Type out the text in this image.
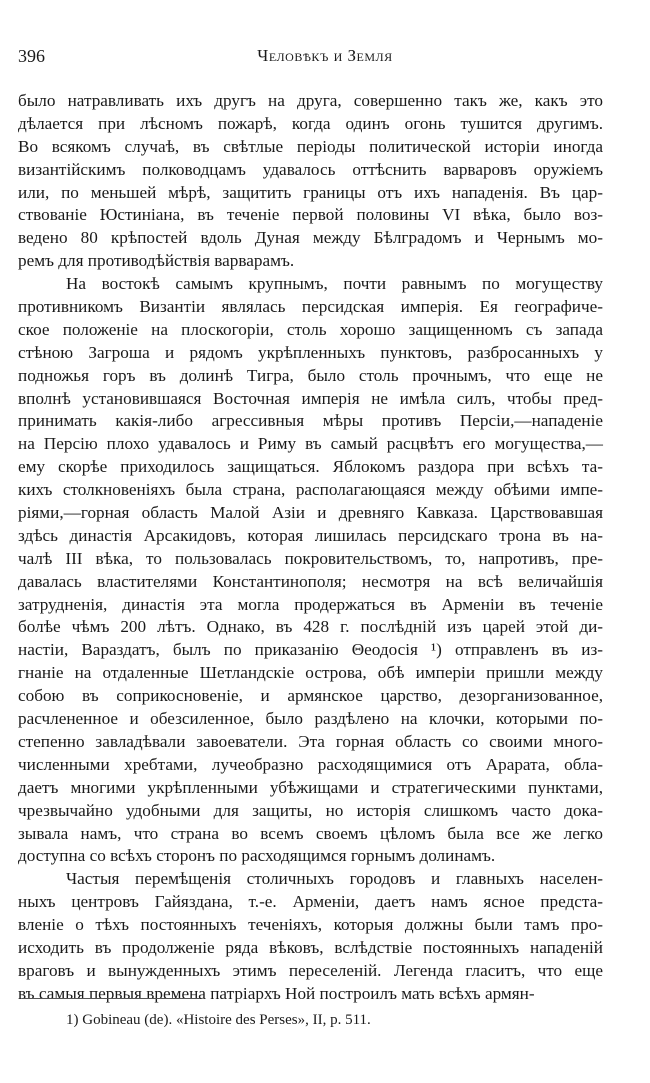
396	Человѣкъ и Земля
было натравливать ихъ другъ на друга, совершенно такъ же, какъ это
дѣлается при лѣсномъ пожарѣ, когда одинъ огонь тушится другимъ.
Во всякомъ случаѣ, въ свѣтлые періоды политической исторіи иногда
византійскимъ полководцамъ удавалось оттѣснить варваровъ оружіемъ
или, по меньшей мѣрѣ, защитить границы отъ ихъ нападенія. Въ цар-
ствованіе Юстиніана, въ теченіе первой половины VI вѣка, было воз-
ведено 80 крѣпостей вдоль Дуная между Бѣлградомъ и Чернымъ мо-
ремъ для противодѣйствія варварамъ.
На востокѣ самымъ крупнымъ, почти равнымъ по могуществу
противникомъ Византіи являлась персидская имперія. Ея географиче-
ское положеніе на плоскогоріи, столь хорошо защищенномъ съ запада
стѣною Загроша и рядомъ укрѣпленныхъ пунктовъ, разбросанныхъ у
подножья горъ въ долинѣ Тигра, было столь прочнымъ, что еще не
вполнѣ установившаяся Восточная имперія не имѣла силъ, чтобы пред-
принимать какія-либо агрессивныя мѣры противъ Персіи,—нападеніе
на Персію плохо удавалось и Риму въ самый расцвѣтъ его могущества,—
ему скорѣе приходилось защищаться. Яблокомъ раздора при всѣхъ та-
кихъ столкновеніяхъ была страна, располагающаяся между обѣими импе-
ріями,—горная область Малой Азіи и древняго Кавказа. Царствовавшая
здѣсь династія Арсакидовъ, которая лишилась персидскаго трона въ на-
чалѣ III вѣка, то пользовалась покровительствомъ, то, напротивъ, пре-
давалась властителями Константинополя; несмотря на всѣ величайшія
затрудненія, династія эта могла продержаться въ Арменіи въ теченіе
болѣе чѣмъ 200 лѣтъ. Однако, въ 428 г. послѣдній изъ царей этой ди-
настіи, Вараздатъ, былъ по приказанію Θеодосія ¹) отправленъ въ из-
гнаніе на отдаленные Шетландскіе острова, обѣ имперіи пришли между
собою въ соприкосновеніе, и армянское царство, дезорганизованное,
расчлененное и обезсиленное, было раздѣлено на клочки, которыми по-
степенно завладѣвали завоеватели. Эта горная область со своими много-
численными хребтами, лучеобразно расходящимися отъ Арарата, обла-
даетъ многими укрѣпленными убѣжищами и стратегическими пунктами,
чрезвычайно удобными для защиты, но исторія слишкомъ часто дока-
зывала намъ, что страна во всемъ своемъ цѣломъ была все же легко
доступна со всѣхъ сторонъ по расходящимся горнымъ долинамъ.
Частыя перемѣщенія столичныхъ городовъ и главныхъ населен-
ныхъ центровъ Гайяздана, т.-е. Арменіи, даетъ намъ ясное предста-
вленіе о тѣхъ постоянныхъ теченіяхъ, которыя должны были тамъ про-
исходить въ продолженіе ряда вѣковъ, вслѣдствіе постоянныхъ нападеній
враговъ и вынужденныхъ этимъ переселеній. Легенда гласитъ, что еще
въ самыя первыя времена патріархъ Ной построилъ мать всѣхъ армян-
1) Gobineau (de). «Histoire des Perses», II, p. 511.
